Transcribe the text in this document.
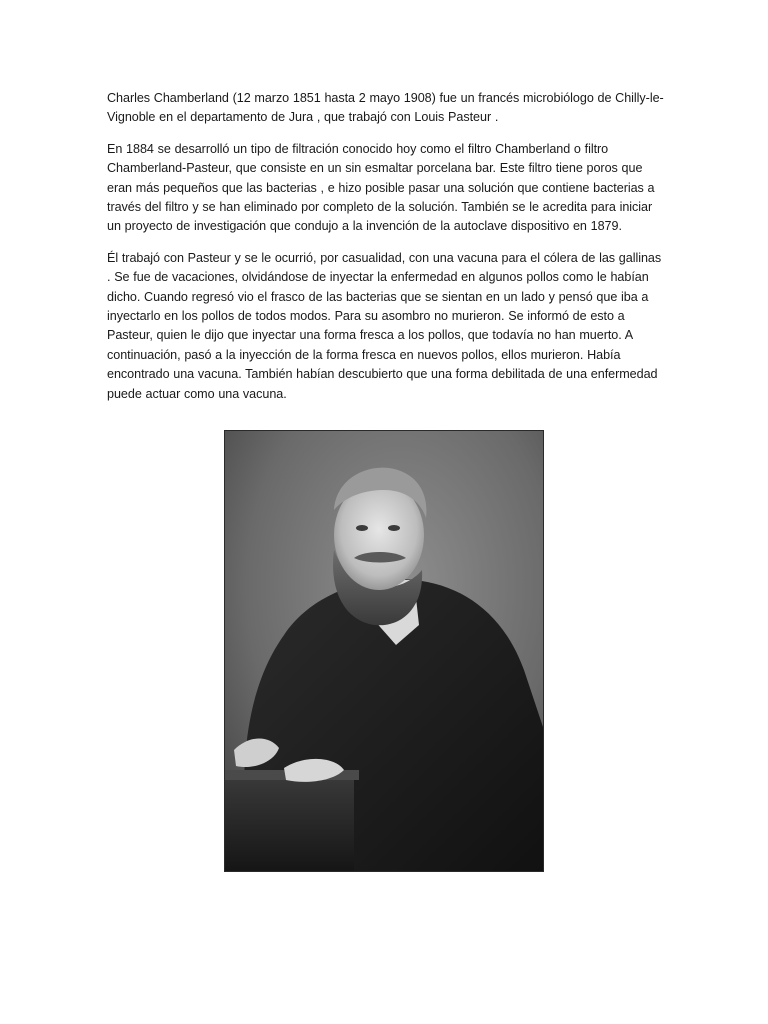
Charles Chamberland (12 marzo 1851 hasta 2 mayo 1908) fue un francés microbiólogo de Chilly-le-Vignoble en el departamento de Jura , que trabajó con Louis Pasteur .

En 1884 se desarrolló un tipo de filtración conocido hoy como el filtro Chamberland o filtro Chamberland-Pasteur, que consiste en un sin esmaltar porcelana bar. Este filtro tiene poros que eran más pequeños que las bacterias , e hizo posible pasar una solución que contiene bacterias a través del filtro y se han eliminado por completo de la solución. También se le acredita para iniciar un proyecto de investigación que condujo a la invención de la autoclave dispositivo en 1879.

Él trabajó con Pasteur y se le ocurrió, por casualidad, con una vacuna para el cólera de las gallinas . Se fue de vacaciones, olvidándose de inyectar la enfermedad en algunos pollos como le habían dicho. Cuando regresó vio el frasco de las bacterias que se sientan en un lado y pensó que iba a inyectarlo en los pollos de todos modos. Para su asombro no murieron. Se informó de esto a Pasteur, quien le dijo que inyectar una forma fresca a los pollos, que todavía no han muerto. A continuación, pasó a la inyección de la forma fresca en nuevos pollos, ellos murieron. Había encontrado una vacuna. También habían descubierto que una forma debilitada de una enfermedad puede actuar como una vacuna.
